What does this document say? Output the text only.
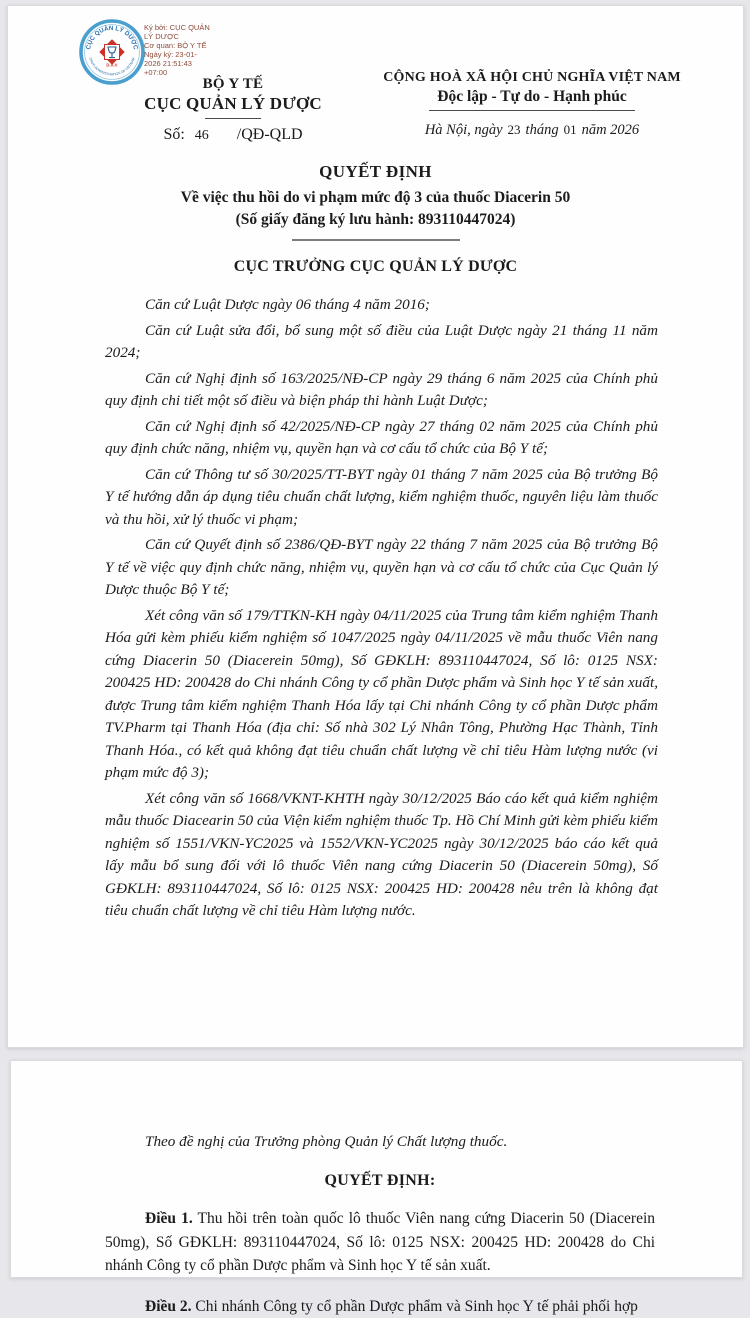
CỤC QUẢN LÝ DƯỢC
DRUG ADMINISTRATION OF VIETNAM
D.A.V
Ký bởi: CỤC QUẢN
LÝ DƯỢC
Cơ quan: BỘ Y TẾ
Ngày ký: 23-01-
2026 21:51:43
+07:00
BỘ Y TẾ
CỤC QUẢN LÝ DƯỢC
Số: 46 /QĐ-QLD
CỘNG HOÀ XÃ HỘI CHỦ NGHĨA VIỆT NAM
Độc lập - Tự do - Hạnh phúc
Hà Nội, ngày 23 tháng 01 năm 2026
QUYẾT ĐỊNH
Về việc thu hồi do vi phạm mức độ 3 của thuốc Diacerin 50
(Số giấy đăng ký lưu hành: 893110447024)
CỤC TRƯỞNG CỤC QUẢN LÝ DƯỢC

Căn cứ Luật Dược ngày 06 tháng 4 năm 2016;

Căn cứ Luật sửa đổi, bổ sung một số điều của Luật Dược ngày 21 tháng 11 năm 2024;

Căn cứ Nghị định số 163/2025/NĐ-CP ngày 29 tháng 6 năm 2025 của Chính phủ quy định chi tiết một số điều và biện pháp thi hành Luật Dược;

Căn cứ Nghị định số 42/2025/NĐ-CP ngày 27 tháng 02 năm 2025 của Chính phủ quy định chức năng, nhiệm vụ, quyền hạn và cơ cấu tổ chức của Bộ Y tế;

Căn cứ Thông tư số 30/2025/TT-BYT ngày 01 tháng 7 năm 2025 của Bộ trưởng Bộ Y tế hướng dẫn áp dụng tiêu chuẩn chất lượng, kiểm nghiệm thuốc, nguyên liệu làm thuốc và thu hồi, xử lý thuốc vi phạm;

Căn cứ Quyết định số 2386/QĐ-BYT ngày 22 tháng 7 năm 2025 của Bộ trưởng Bộ Y tế về việc quy định chức năng, nhiệm vụ, quyền hạn và cơ cấu tổ chức của Cục Quản lý Dược thuộc Bộ Y tế;

Xét công văn số 179/TTKN-KH ngày 04/11/2025 của Trung tâm kiểm nghiệm Thanh Hóa gửi kèm phiếu kiểm nghiệm số 1047/2025 ngày 04/11/2025 về mẫu thuốc Viên nang cứng Diacerin 50 (Diacerein 50mg), Số GĐKLH: 893110447024, Số lô: 0125 NSX: 200425 HD: 200428 do Chi nhánh Công ty cổ phần Dược phẩm và Sinh học Y tế sản xuất, được Trung tâm kiểm nghiệm Thanh Hóa lấy tại Chi nhánh Công ty cổ phần Dược phẩm TV.Pharm tại Thanh Hóa (địa chỉ: Số nhà 302 Lý Nhân Tông, Phường Hạc Thành, Tỉnh Thanh Hóa., có kết quả không đạt tiêu chuẩn chất lượng về chỉ tiêu Hàm lượng nước (vi phạm mức độ 3);

Xét công văn số 1668/VKNT-KHTH ngày 30/12/2025 Báo cáo kết quả kiểm nghiệm mẫu thuốc Diacearin 50 của Viện kiểm nghiệm thuốc Tp. Hồ Chí Minh gửi kèm phiếu kiểm nghiệm số 1551/VKN-YC2025 và 1552/VKN-YC2025 ngày 30/12/2025 báo cáo kết quả lấy mẫu bổ sung đối với lô thuốc Viên nang cứng Diacerin 50 (Diacerein 50mg), Số GĐKLH: 893110447024, Số lô: 0125 NSX: 200425 HD: 200428 nêu trên là không đạt tiêu chuẩn chất lượng về chỉ tiêu Hàm lượng nước.

Theo đề nghị của Trưởng phòng Quản lý Chất lượng thuốc.

QUYẾT ĐỊNH:

Điều 1. Thu hồi trên toàn quốc lô thuốc Viên nang cứng Diacerin 50 (Diacerein 50mg), Số GĐKLH: 893110447024, Số lô: 0125 NSX: 200425 HD: 200428 do Chi nhánh Công ty cổ phần Dược phẩm và Sinh học Y tế sản xuất.

Điều 2. Chi nhánh Công ty cổ phần Dược phẩm và Sinh học Y tế phải phối hợp
